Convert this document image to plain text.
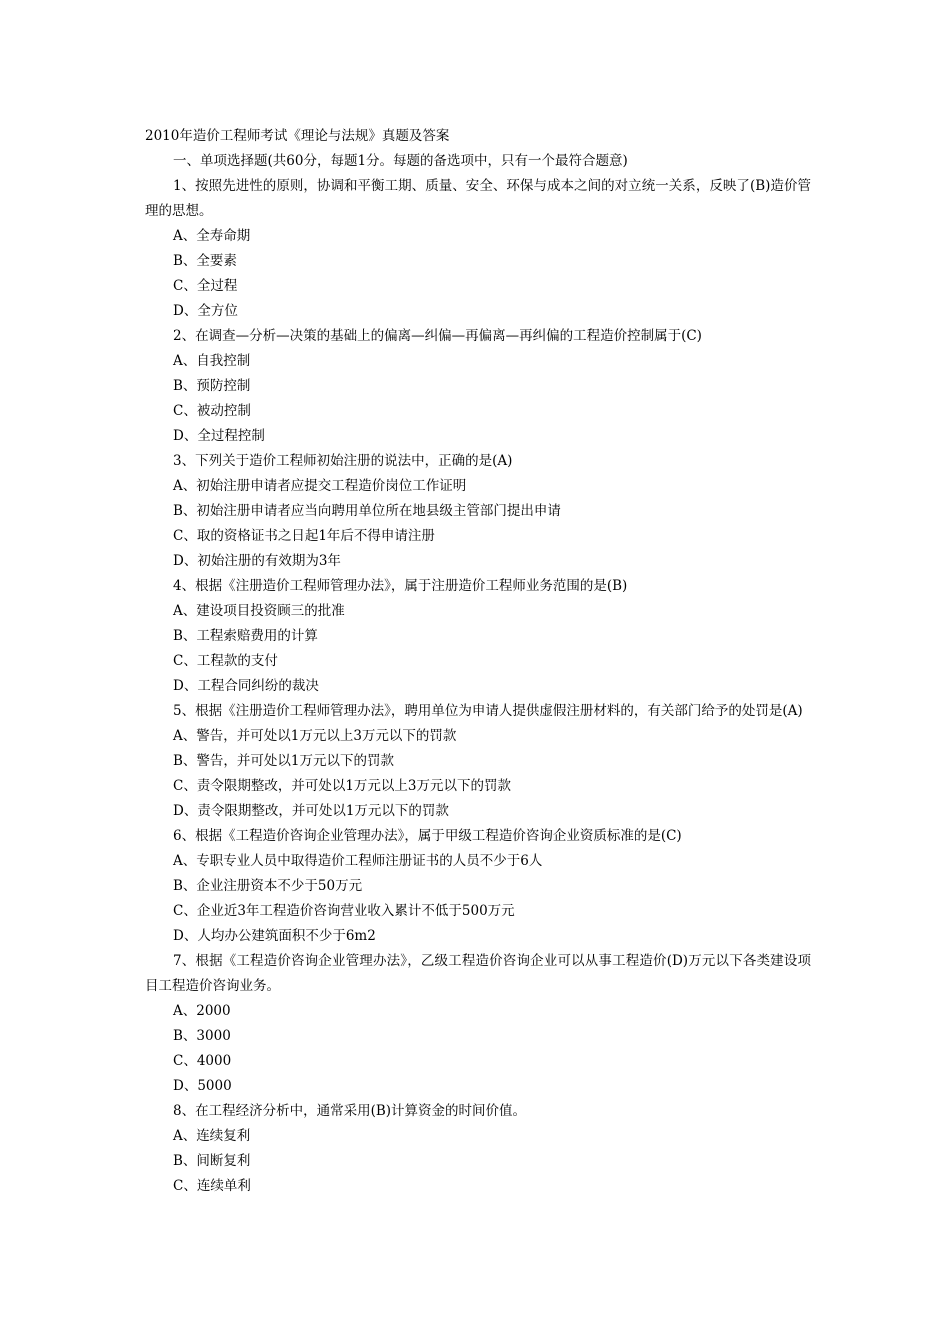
2010年造价工程师考试《理论与法规》真题及答案

一、单项选择题(共60分，每题1分。每题的备选项中，只有一个最符合题意)

1、按照先进性的原则，协调和平衡工期、质量、安全、环保与成本之间的对立统一关系，反映了(B)造价管理的思想。

A、全寿命期

B、全要素

C、全过程

D、全方位

2、在调查—分析—决策的基础上的偏离—纠偏—再偏离—再纠偏的工程造价控制属于(C)

A、自我控制

B、预防控制

C、被动控制

D、全过程控制

3、下列关于造价工程师初始注册的说法中，正确的是(A)

A、初始注册申请者应提交工程造价岗位工作证明

B、初始注册申请者应当向聘用单位所在地县级主管部门提出申请

C、取的资格证书之日起1年后不得申请注册

D、初始注册的有效期为3年

4、根据《注册造价工程师管理办法》，属于注册造价工程师业务范围的是(B)

A、建设项目投资顾三的批准

B、工程索赔费用的计算

C、工程款的支付

D、工程合同纠纷的裁决

5、根据《注册造价工程师管理办法》，聘用单位为申请人提供虚假注册材料的，有关部门给予的处罚是(A)

A、警告，并可处以1万元以上3万元以下的罚款

B、警告，并可处以1万元以下的罚款

C、责令限期整改，并可处以1万元以上3万元以下的罚款

D、责令限期整改，并可处以1万元以下的罚款

6、根据《工程造价咨询企业管理办法》，属于甲级工程造价咨询企业资质标准的是(C)

A、专职专业人员中取得造价工程师注册证书的人员不少于6人

B、企业注册资本不少于50万元

C、企业近3年工程造价咨询营业收入累计不低于500万元

D、人均办公建筑面积不少于6m2

7、根据《工程造价咨询企业管理办法》，乙级工程造价咨询企业可以从事工程造价(D)万元以下各类建设项目工程造价咨询业务。

A、2000

B、3000

C、4000

D、5000

8、在工程经济分析中，通常采用(B)计算资金的时间价值。

A、连续复利

B、间断复利

C、连续单利
